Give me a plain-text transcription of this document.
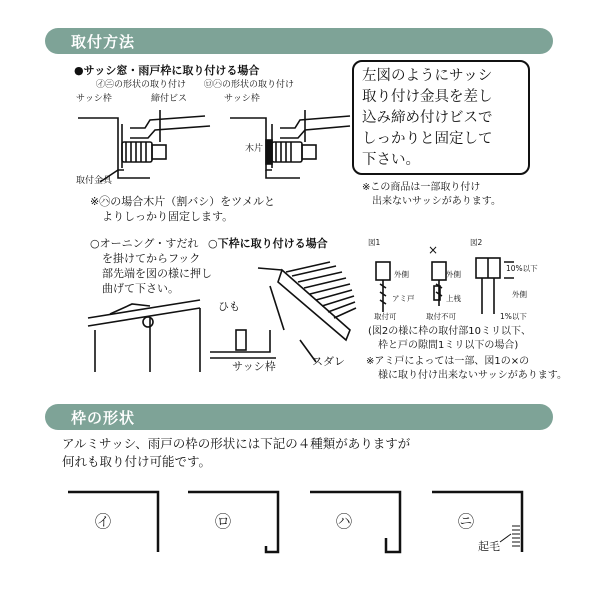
取付方法
●サッシ窓・雨戸枠に取り付ける場合
㋑㋥の形状の取り付け ㋺㋩の形状の取り付け
サッシ枠	締付ビス	サッシ枠
木片
取付金具
※㋩の場合木片（割バシ）をツメルと
よりしっかり固定します。
左図のようにサッシ
取り付け金具を差し
込み締め付けビスで
しっかりと固定して
下さい。
※この商品は一部取り付け
出来ないサッシがあります。
○オーニング・すだれ
を掛けてからフック
部先端を図の様に押し
曲げて下さい。
○下枠に取り付ける場合
ひも
サッシ枠	スダレ
図1
×
図2
外側	外側
アミ戸	上桟
取付可	取付不可
10%以下
外側
1%以下
(図2の様に枠の取付部10ミリ以下、
枠と戸の隙間1ミリ以下の場合)
※アミ戸によっては一部、図1の×の
様に取り付け出来ないサッシがあります。
枠の形状
アルミサッシ、雨戸の枠の形状には下記の４種類がありますが
何れも取り付け可能です。
㋑	㋺	㋩	㋥
起毛
